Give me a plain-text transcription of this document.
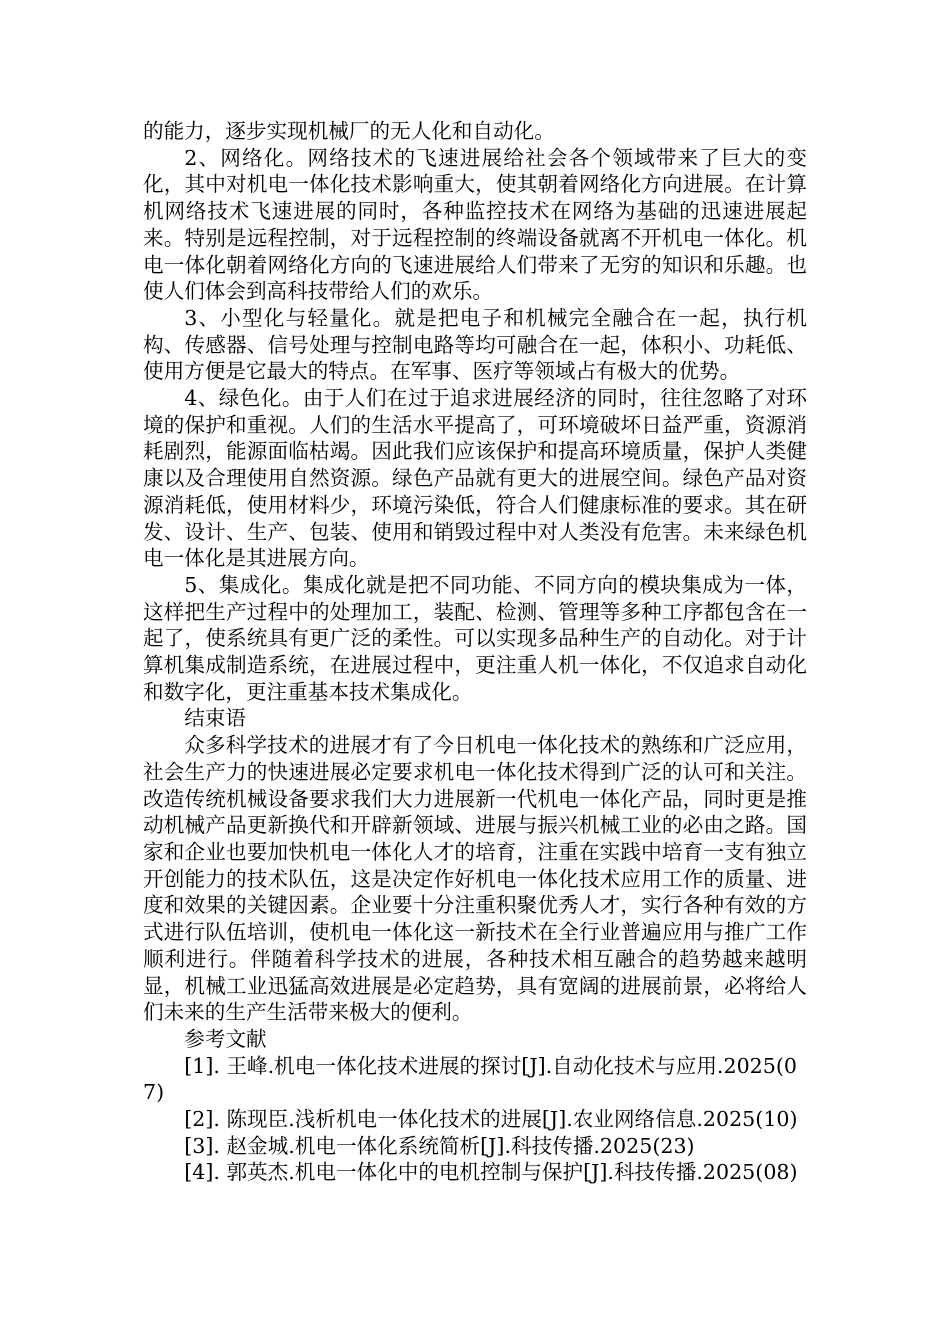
的能力，逐步实现机械厂的无人化和自动化。

2、网络化。网络技术的飞速进展给社会各个领域带来了巨大的变化，其中对机电一体化技术影响重大，使其朝着网络化方向进展。在计算机网络技术飞速进展的同时，各种监控技术在网络为基础的迅速进展起来。特别是远程控制，对于远程控制的终端设备就离不开机电一体化。机电一体化朝着网络化方向的飞速进展给人们带来了无穷的知识和乐趣。也使人们体会到高科技带给人们的欢乐。

3、小型化与轻量化。就是把电子和机械完全融合在一起，执行机构、传感器、信号处理与控制电路等均可融合在一起，体积小、功耗低、使用方便是它最大的特点。在军事、医疗等领域占有极大的优势。

4、绿色化。由于人们在过于追求进展经济的同时，往往忽略了对环境的保护和重视。人们的生活水平提高了，可环境破坏日益严重，资源消耗剧烈，能源面临枯竭。因此我们应该保护和提高环境质量，保护人类健康以及合理使用自然资源。绿色产品就有更大的进展空间。绿色产品对资源消耗低，使用材料少，环境污染低，符合人们健康标准的要求。其在研发、设计、生产、包装、使用和销毁过程中对人类没有危害。未来绿色机电一体化是其进展方向。

5、集成化。集成化就是把不同功能、不同方向的模块集成为一体，这样把生产过程中的处理加工，装配、检测、管理等多种工序都包含在一起了，使系统具有更广泛的柔性。可以实现多品种生产的自动化。对于计算机集成制造系统，在进展过程中，更注重人机一体化，不仅追求自动化和数字化，更注重基本技术集成化。

结束语

众多科学技术的进展才有了今日机电一体化技术的熟练和广泛应用，社会生产力的快速进展必定要求机电一体化技术得到广泛的认可和关注。改造传统机械设备要求我们大力进展新一代机电一体化产品，同时更是推动机械产品更新换代和开辟新领域、进展与振兴机械工业的必由之路。国家和企业也要加快机电一体化人才的培育，注重在实践中培育一支有独立开创能力的技术队伍，这是决定作好机电一体化技术应用工作的质量、进度和效果的关键因素。企业要十分注重积聚优秀人才，实行各种有效的方式进行队伍培训，使机电一体化这一新技术在全行业普遍应用与推广工作顺利进行。伴随着科学技术的进展，各种技术相互融合的趋势越来越明显，机械工业迅猛高效进展是必定趋势，具有宽阔的进展前景，必将给人们未来的生产生活带来极大的便利。

参考文献

[1]. 王峰.机电一体化技术进展的探讨[J].自动化技术与应用.2025(07)

[2]. 陈现臣.浅析机电一体化技术的进展[J].农业网络信息.2025(10)

[3]. 赵金城.机电一体化系统简析[J].科技传播.2025(23)

[4]. 郭英杰.机电一体化中的电机控制与保护[J].科技传播.2025(08)
